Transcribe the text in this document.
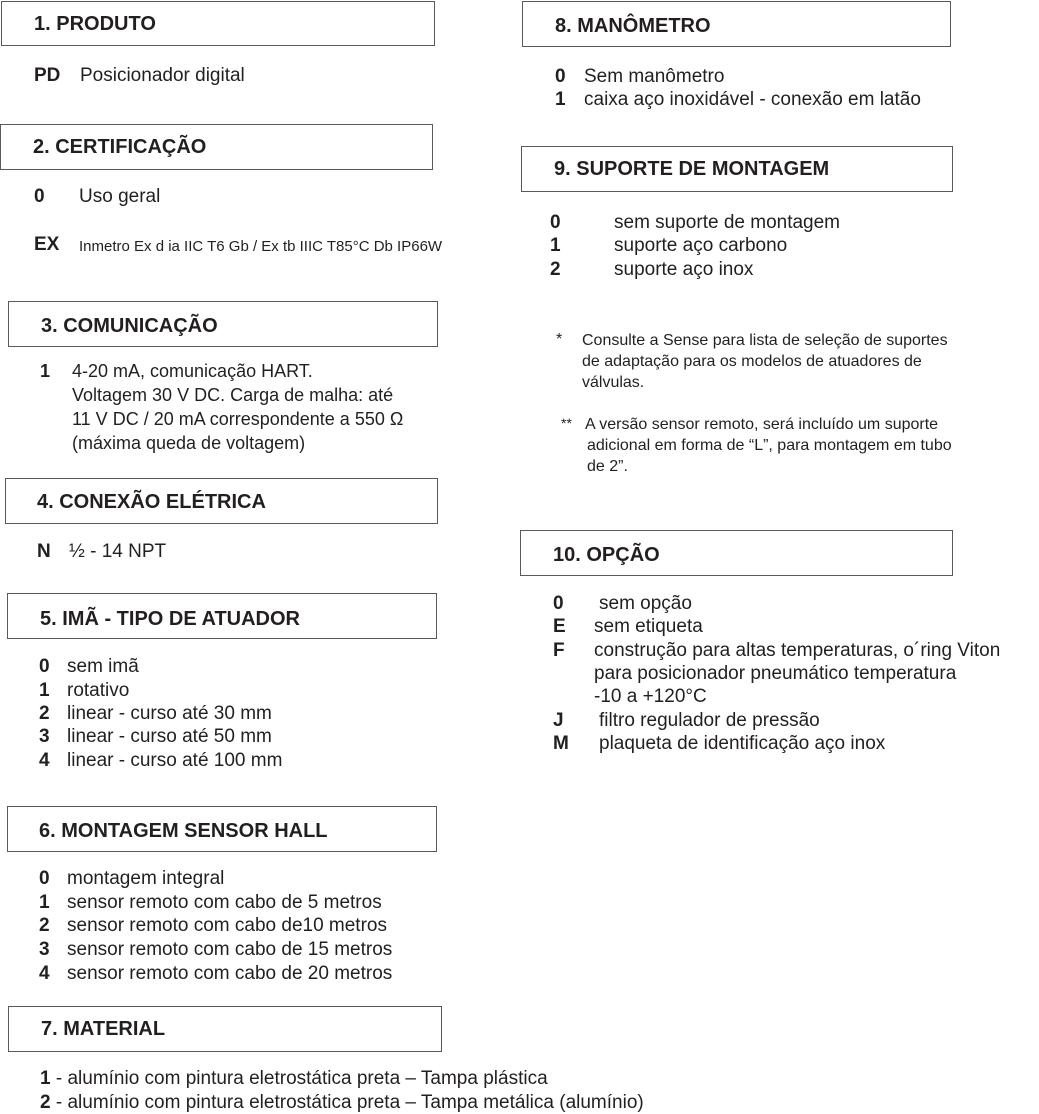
1. PRODUTO
PD Posicionador digital
2. CERTIFICAÇÃO
0 Uso geral
EX Inmetro Ex d ia IIC T6 Gb / Ex tb IIIC T85°C Db IP66W
3. COMUNICAÇÃO
1 4-20 mA, comunicação HART.
Voltagem 30 V DC. Carga de malha: até
11 V DC / 20 mA correspondente a 550 Ω
(máxima queda de voltagem)
4. CONEXÃO ELÉTRICA
N ½ - 14 NPT
5. IMÃ - TIPO DE ATUADOR
0 sem imã
1 rotativo
2 linear - curso até 30 mm
3 linear - curso até 50 mm
4 linear - curso até 100 mm
6. MONTAGEM SENSOR HALL
0 montagem integral
1 sensor remoto com cabo de 5 metros
2 sensor remoto com cabo de10 metros
3 sensor remoto com cabo de 15 metros
4 sensor remoto com cabo de 20 metros
7. MATERIAL
1 - alumínio com pintura eletrostática preta – Tampa plástica
2 - alumínio com pintura eletrostática preta – Tampa metálica (alumínio)
8. MANÔMETRO
0 Sem manômetro
1 caixa aço inoxidável - conexão em latão
9. SUPORTE DE MONTAGEM
0	sem suporte de montagem
1	suporte aço carbono
2	suporte aço inox
* Consulte a Sense para lista de seleção de suportes
de adaptação para os modelos de atuadores de
válvulas.
** A versão sensor remoto, será incluído um suporte
adicional em forma de “L”, para montagem em tubo
de 2”.
10. OPÇÃO
0 sem opção
E sem etiqueta
F construção para altas temperaturas, o´ring Viton
para posicionador pneumático temperatura
-10 a +120°C
J filtro regulador de pressão
M plaqueta de identificação aço inox
